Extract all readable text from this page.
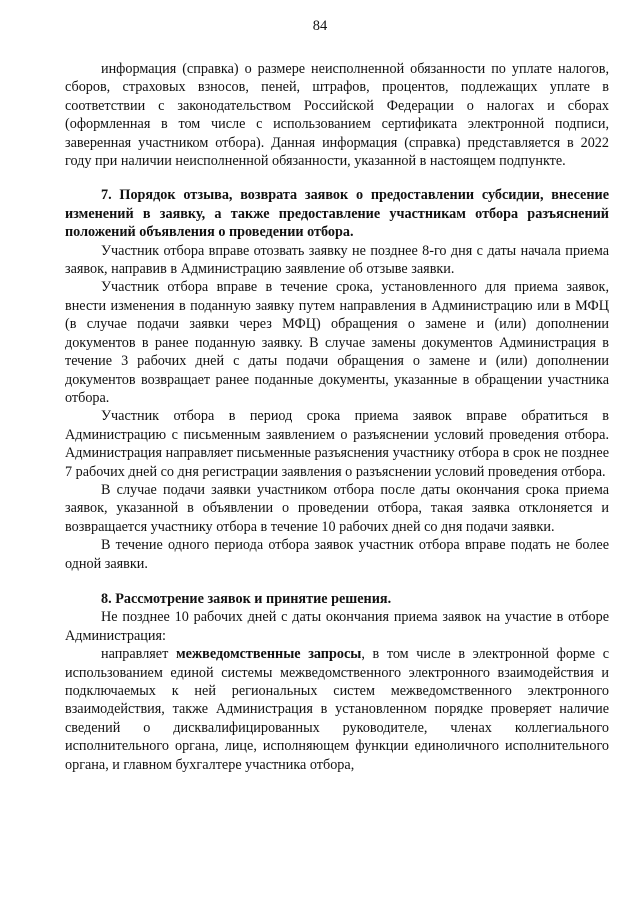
84

информация (справка) о размере неисполненной обязанности по уплате налогов, сборов, страховых взносов, пеней, штрафов, процентов, подлежащих уплате в соответствии с законодательством Российской Федерации о налогах и сборах (оформленная в том числе с использованием сертификата электронной подписи, заверенная участником отбора). Данная информация (справка) представляется в 2022 году при наличии неисполненной обязанности, указанной в настоящем подпункте.

7. Порядок отзыва, возврата заявок о предоставлении субсидии, внесение изменений в заявку, а также предоставление участникам отбора разъяснений положений объявления о проведении отбора.

Участник отбора вправе отозвать заявку не позднее 8-го дня с даты начала приема заявок, направив в Администрацию заявление об отзыве заявки.

Участник отбора вправе в течение срока, установленного для приема заявок, внести изменения в поданную заявку путем направления в Администрацию или в МФЦ (в случае подачи заявки через МФЦ) обращения о замене и (или) дополнении документов в ранее поданную заявку. В случае замены документов Администрация в течение 3 рабочих дней с даты подачи обращения о замене и (или) дополнении документов возвращает ранее поданные документы, указанные в обращении участника отбора.

Участник отбора в период срока приема заявок вправе обратиться в Администрацию с письменным заявлением о разъяснении условий проведения отбора. Администрация направляет письменные разъяснения участнику отбора в срок не позднее 7 рабочих дней со дня регистрации заявления о разъяснении условий проведения отбора.

В случае подачи заявки участником отбора после даты окончания срока приема заявок, указанной в объявлении о проведении отбора, такая заявка отклоняется и возвращается участнику отбора в течение 10 рабочих дней со дня подачи заявки.

В течение одного периода отбора заявок участник отбора вправе подать не более одной заявки.

8. Рассмотрение заявок и принятие решения.

Не позднее 10 рабочих дней с даты окончания приема заявок на участие в отборе Администрация:

направляет межведомственные запросы, в том числе в электронной форме с использованием единой системы межведомственного электронного взаимодействия и подключаемых к ней региональных систем межведомственного электронного взаимодействия, также Администрация в установленном порядке проверяет наличие сведений о дисквалифицированных руководителе, членах коллегиального исполнительного органа, лице, исполняющем функции единоличного исполнительного органа, и главном бухгалтере участника отбора,
